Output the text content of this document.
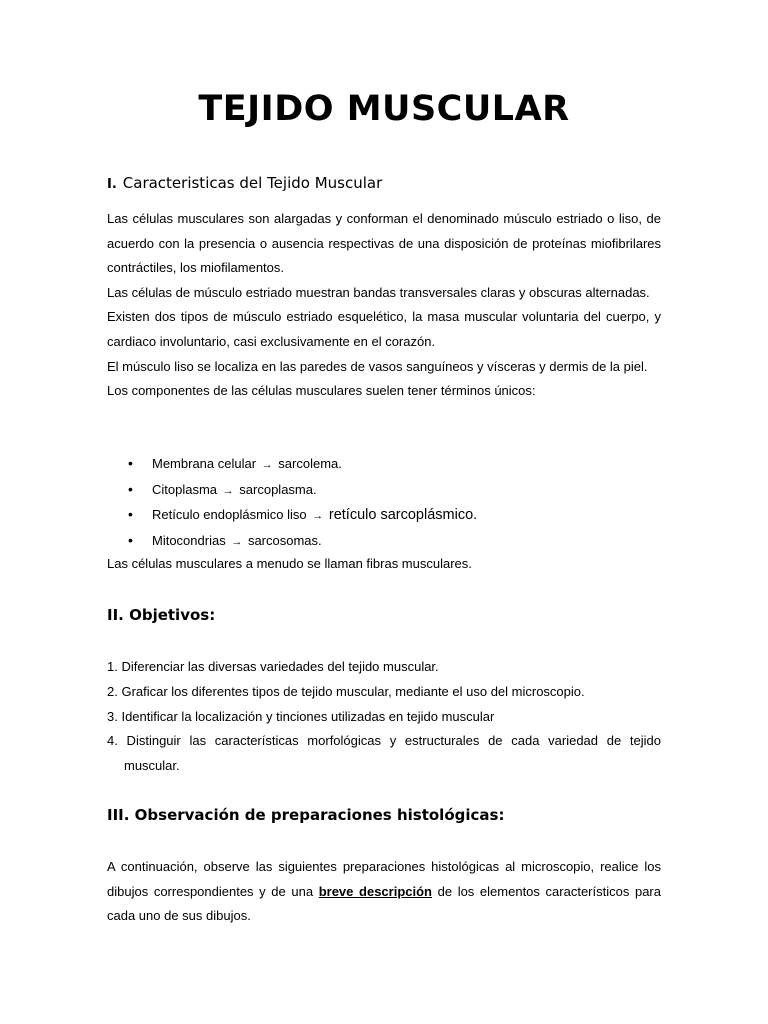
TEJIDO MUSCULAR
I. Caracteristicas del Tejido Muscular

Las células musculares son alargadas y conforman el denominado músculo estriado o liso, de acuerdo con la presencia o ausencia respectivas de una disposición de proteínas miofibrilares contráctiles, los miofilamentos.

Las células de músculo estriado muestran bandas transversales claras y obscuras alternadas.

Existen dos tipos de músculo estriado esquelético, la masa muscular voluntaria del cuerpo, y cardiaco involuntario, casi exclusivamente en el corazón.

El músculo liso se localiza en las paredes de vasos sanguíneos y vísceras y dermis de la piel.

Los componentes de las células musculares suelen tener términos únicos:

• Membrana celular → sarcolema.
• Citoplasma → sarcoplasma.
• Retículo endoplásmico liso → retículo sarcoplásmico.
• Mitocondrias → sarcosomas.

Las células musculares a menudo se llaman fibras musculares.

II. Objetivos:
1. Diferenciar las diversas variedades del tejido muscular.
2. Graficar los diferentes tipos de tejido muscular, mediante el uso del microscopio.
3. Identificar la localización y tinciones utilizadas en tejido muscular
4. Distinguir las características morfológicas y estructurales de cada variedad de tejido
muscular.
III. Observación de preparaciones histológicas:

A continuación, observe las siguientes preparaciones histológicas al microscopio, realice los dibujos correspondientes y de una breve descripción de los elementos característicos para cada uno de sus dibujos.
